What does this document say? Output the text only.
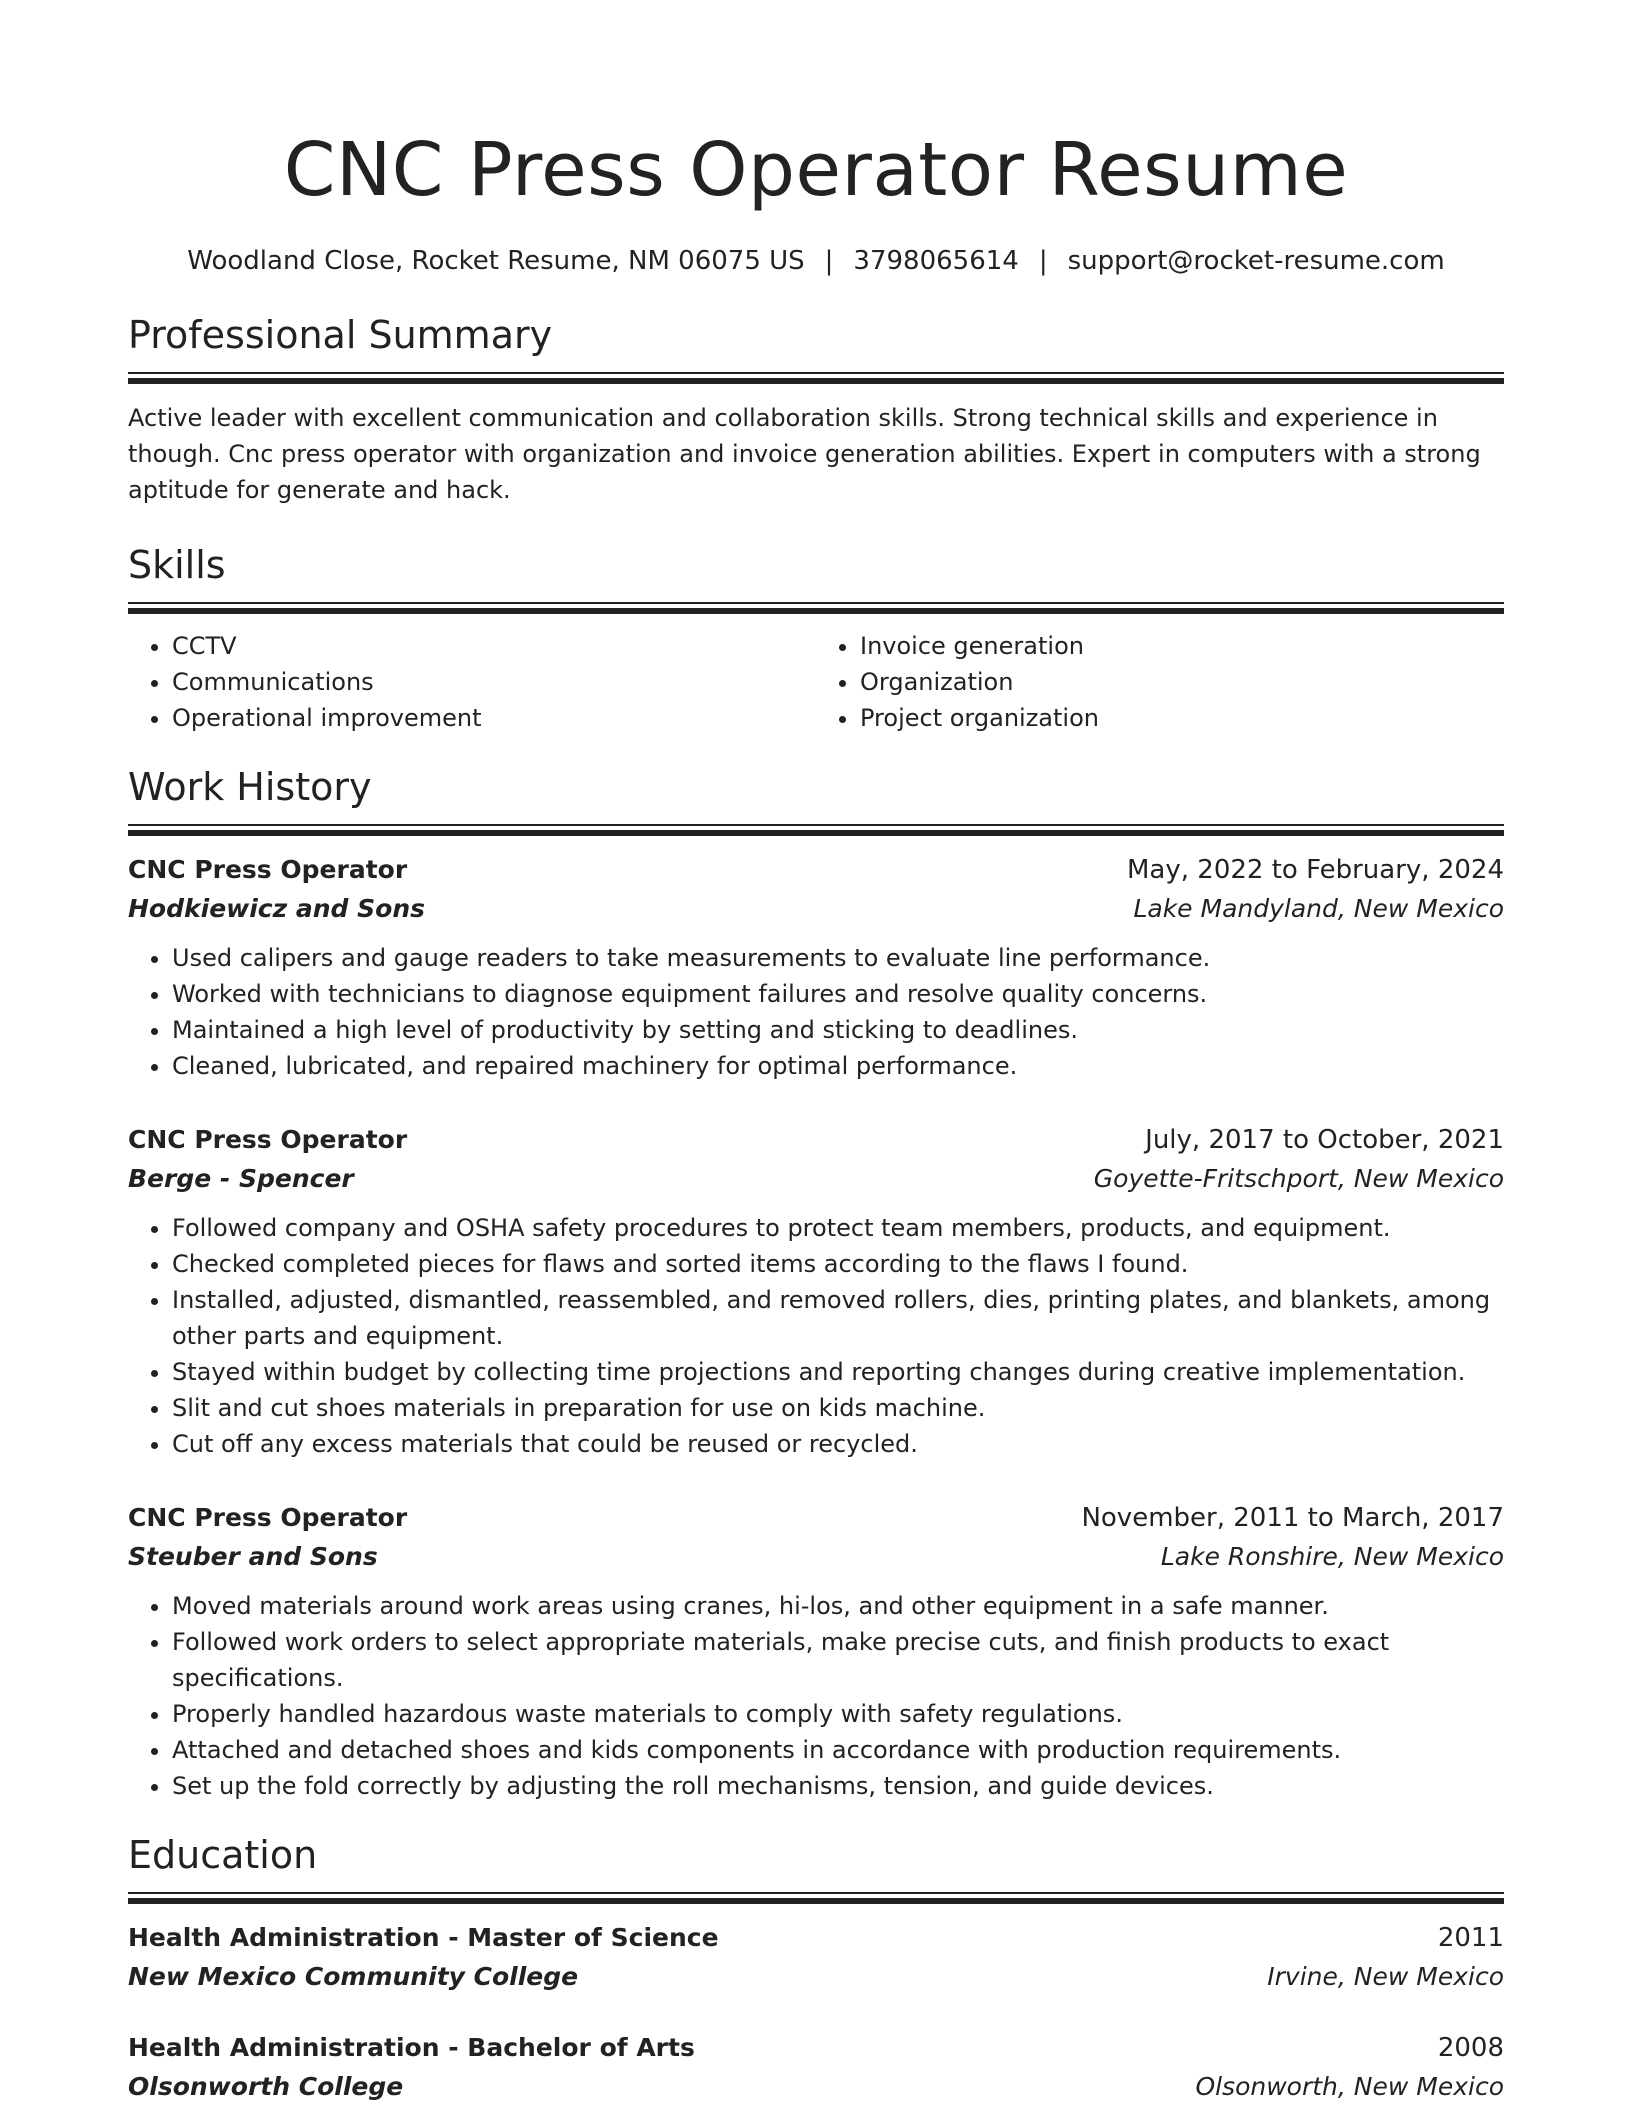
CNC Press Operator Resume
Woodland Close, Rocket Resume, NM 06075 US | 3798065614 | support@rocket-resume.com
Professional Summary

Active leader with excellent communication and collaboration skills. Strong technical skills and experience in though. Cnc press operator with organization and invoice generation abilities. Expert in computers with a strong aptitude for generate and hack.

Skills
• CCTV
• Communications
• Operational improvement
• Invoice generation
• Organization
• Project organization
Work History
CNC Press Operator	May, 2022 to February, 2024
Hodkiewicz and Sons	Lake Mandyland, New Mexico
• Used calipers and gauge readers to take measurements to evaluate line performance.
• Worked with technicians to diagnose equipment failures and resolve quality concerns.
• Maintained a high level of productivity by setting and sticking to deadlines.
• Cleaned, lubricated, and repaired machinery for optimal performance.
CNC Press Operator	July, 2017 to October, 2021
Berge - Spencer	Goyette-Fritschport, New Mexico
• Followed company and OSHA safety procedures to protect team members, products, and equipment.
• Checked completed pieces for flaws and sorted items according to the flaws I found.
• Installed, adjusted, dismantled, reassembled, and removed rollers, dies, printing plates, and blankets, among other parts and equipment.
• Stayed within budget by collecting time projections and reporting changes during creative implementation.
• Slit and cut shoes materials in preparation for use on kids machine.
• Cut off any excess materials that could be reused or recycled.
CNC Press Operator	November, 2011 to March, 2017
Steuber and Sons	Lake Ronshire, New Mexico
• Moved materials around work areas using cranes, hi-los, and other equipment in a safe manner.
• Followed work orders to select appropriate materials, make precise cuts, and finish products to exact specifications.
• Properly handled hazardous waste materials to comply with safety regulations.
• Attached and detached shoes and kids components in accordance with production requirements.
• Set up the fold correctly by adjusting the roll mechanisms, tension, and guide devices.
Education
Health Administration - Master of Science	2011
New Mexico Community College	Irvine, New Mexico
Health Administration - Bachelor of Arts	2008
Olsonworth College	Olsonworth, New Mexico
